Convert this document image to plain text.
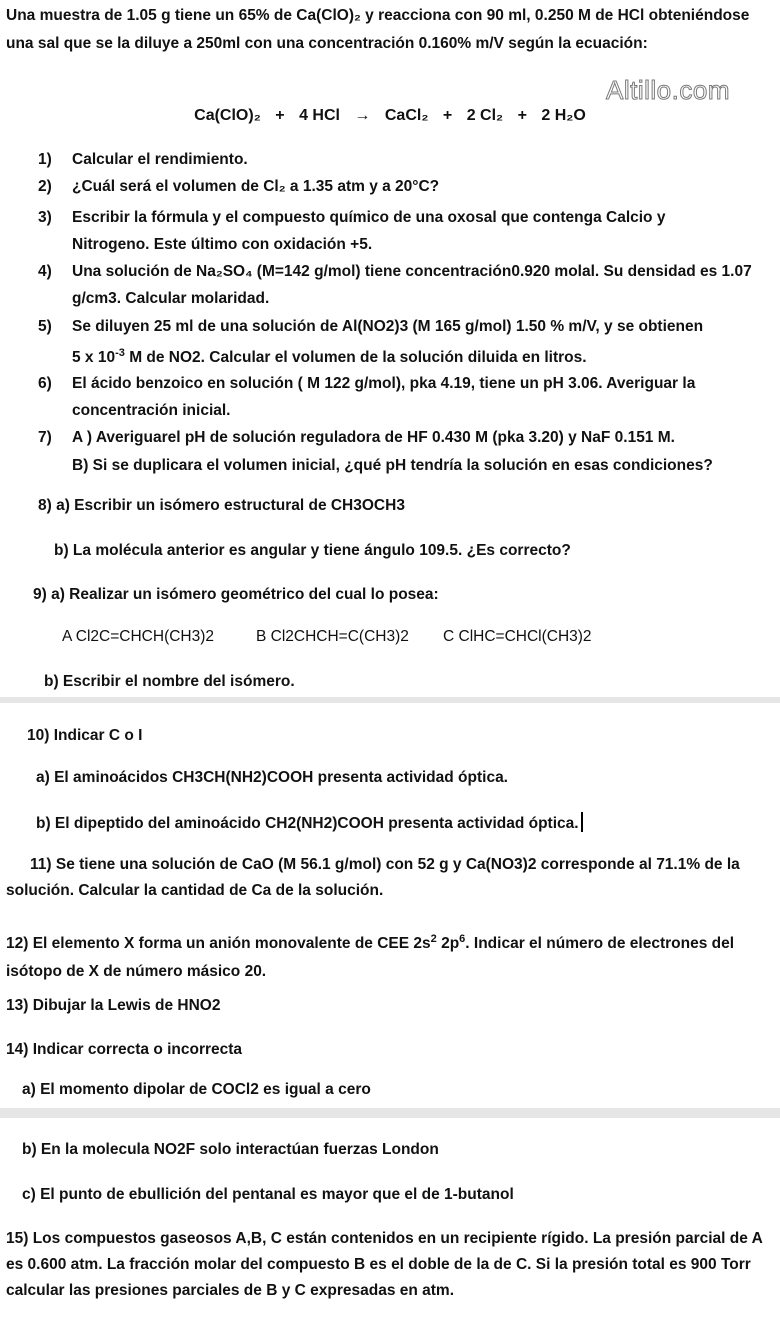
Una muestra de 1.05 g tiene un 65% de Ca(ClO)₂ y reacciona con 90 ml, 0.250 M de HCl obteniéndose una sal que se la diluye a 250ml con una concentración 0.160% m/V según la ecuación:
Altillo.com
Ca(ClO)₂ + 4 HCl → CaCl₂ + 2 Cl₂ + 2 H₂O
1) Calcular el rendimiento.
2) ¿Cuál será el volumen de Cl₂ a 1.35 atm y a 20°C?
3) Escribir la fórmula y el compuesto químico de una oxosal que contenga Calcio y Nitrogeno. Este último con oxidación +5.
4) Una solución de Na₂SO₄ (M=142 g/mol) tiene concentración0.920 molal. Su densidad es 1.07 g/cm3. Calcular molaridad.
5) Se diluyen 25 ml de una solución de Al(NO2)3 (M 165 g/mol) 1.50 % m/V, y se obtienen
5 x $10^{-3}$ M de NO2. Calcular el volumen de la solución diluida en litros.
6) El ácido benzoico en solución ( M 122 g/mol), pka 4.19, tiene un pH 3.06. Averiguar la concentración inicial.
7) A ) Averiguarel pH de solución reguladora de HF 0.430 M (pka 3.20) y NaF 0.151 M.
B) Si se duplicara el volumen inicial, ¿qué pH tendría la solución en esas condiciones?
8) a) Escribir un isómero estructural de CH3OCH3
b) La molécula anterior es angular y tiene ángulo 109.5. ¿Es correcto?
9) a) Realizar un isómero geométrico del cual lo posea:
A Cl2C=CHCH(CH3)2	B Cl2CHCH=C(CH3)2 C ClHC=CHCl(CH3)2
b) Escribir el nombre del isómero.
10) Indicar C o I
a) El aminoácidos CH3CH(NH2)COOH presenta actividad óptica.
b) El dipeptido del aminoácido CH2(NH2)COOH presenta actividad óptica.
11) Se tiene una solución de CaO (M 56.1 g/mol) con 52 g y Ca(NO3)2 corresponde al 71.1% de la solución. Calcular la cantidad de Ca de la solución.
12) El elemento X forma un anión monovalente de CEE $2s^2$ $2p^6$. Indicar el número de electrones del isótopo de X de número másico 20.
13) Dibujar la Lewis de HNO2
14) Indicar correcta o incorrecta
a) El momento dipolar de COCl2 es igual a cero
b) En la molecula NO2F solo interactúan fuerzas London
c) El punto de ebullición del pentanal es mayor que el de 1-butanol
15) Los compuestos gaseosos A,B, C están contenidos en un recipiente rígido. La presión parcial de A es 0.600 atm. La fracción molar del compuesto B es el doble de la de C. Si la presión total es 900 Torr calcular las presiones parciales de B y C expresadas en atm.
